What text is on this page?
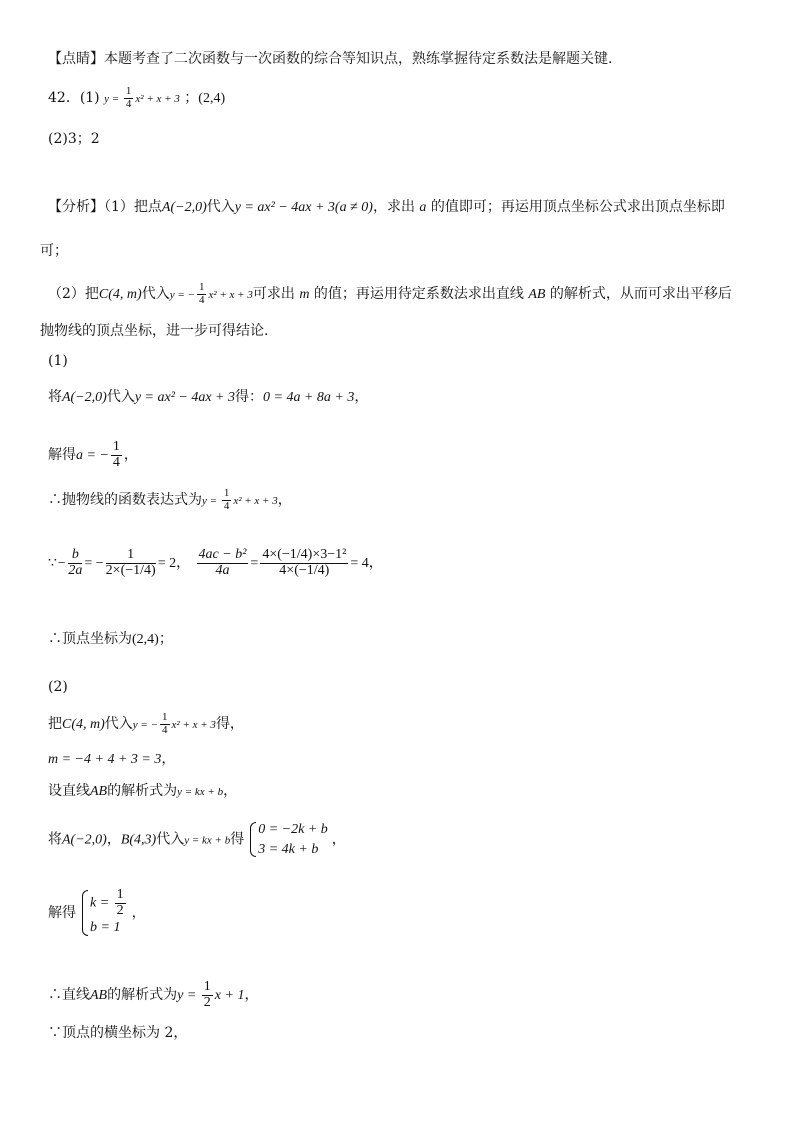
【点睛】本题考查了二次函数与一次函数的综合等知识点，熟练掌握待定系数法是解题关键.
42．(1) $y = \frac{1}{4} x^2 + x + 3$ ；(2,4)
(2)3；2
【分析】（1）把点A(−2,0)代入y = ax² − 4ax + 3(a ≠ 0)，求出 a 的值即可；再运用顶点坐标公式求出顶点坐标即
可；
（2）把C(4, m)代入y = − $\frac{1}{4} x^2 + x + 3$可求出 m 的值；再运用待定系数法求出直线 AB 的解析式，从而可求出平移后
抛物线的顶点坐标，进一步可得结论.
(1)
将A(−2,0)代入y = ax² − 4ax + 3得：0 = 4a + 8a + 3，
解得a = − $\frac{1}{4}$ ，
∴抛物线的函数表达式为$y = \frac{1}{4} x^2 + x + 3$，
∵− $\frac{b}{2a}$ = − $\frac{1}{2\times(-1/4)} = 2$， $\frac{\text{4ac − b²}}{4a} = \frac{\text{4×(−1/4)×3−1²}}{4\times(-1/4)} = 4$，
∴顶点坐标为(2,4)；
(2)
把C(4, m)代入y = − $\frac{1}{4} x^2 + x + 3$得，
m = −4 + 4 + 3 = 3，
设直线AB的解析式为y = kx + b，
将A(−2,0)，B(4,3)代入y = kx + b得
0 = −2k + b
3 = 4k + b
，
解得
$k = \frac{1}{2}$
b = 1
，
∴直线AB的解析式为$y = \frac{1}{2}$ x + 1，
∵顶点的横坐标为 2，
